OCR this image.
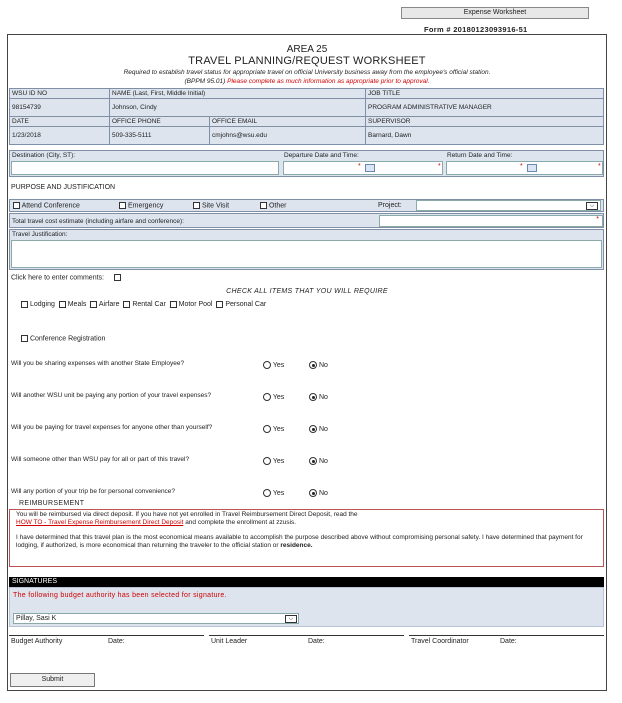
Expense Worksheet
Form # 20180123093916-51
AREA 25
TRAVEL PLANNING/REQUEST WORKSHEET
Required to establish travel status for appropriate travel on official University business away from the employee's official station.
(BPPM 95.01) Please complete as much information as appropriate prior to approval.
WSU ID NO	NAME (Last, First, Middle Initial)		JOB TITLE
98154739	Johnson, Cindy		PROGRAM ADMINISTRATIVE MANAGER
DATE	OFFICE PHONE	OFFICE EMAIL	SUPERVISOR
1/23/2018	509-335-5111	cmjohns@wsu.edu	Barnard, Dawn
Destination (City, ST):	Departure Date and Time:	Return Date and Time:
*	*	*	*
PURPOSE AND JUSTIFICATION
Attend Conference	Emergency	Site Visit	Other	Project:	⌵
Total travel cost estimate (including airfare and conference):	*
Travel Justification:
Click here to enter comments:
CHECK ALL ITEMS THAT YOU WILL REQUIRE
Lodging Meals Airfare Rental Car Motor Pool Personal Car
Conference Registration
Will you be sharing expenses with another State Employee?	Yes	No
Will another WSU unit be paying any portion of your travel expenses?	Yes	No
Will you be paying for travel expenses for anyone other than yourself?	Yes	No
Will someone other than WSU pay for all or part of this travel?	Yes	No
Will any portion of your trip be for personal convenience?	Yes	No
REIMBURSEMENT
You will be reimbursed via direct deposit. If you have not yet enrolled in Travel Reimbursement Direct Deposit, read the
HOW TO - Travel Expense Reimbursement Direct Deposit and complete the enrollment at zzusis.
I have determined that this travel plan is the most economical means available to accomplish the purpose described above without compromising personal safety. I have determined that payment for lodging, if authorized, is more economical than returning the traveler to the official station or residence.
SIGNATURES
The following budget authority has been selected for signature.
Pillay, Sasi K	⌵
Budget Authority	Date:	Unit Leader	Date:	Travel Coordinator	Date:
Submit
